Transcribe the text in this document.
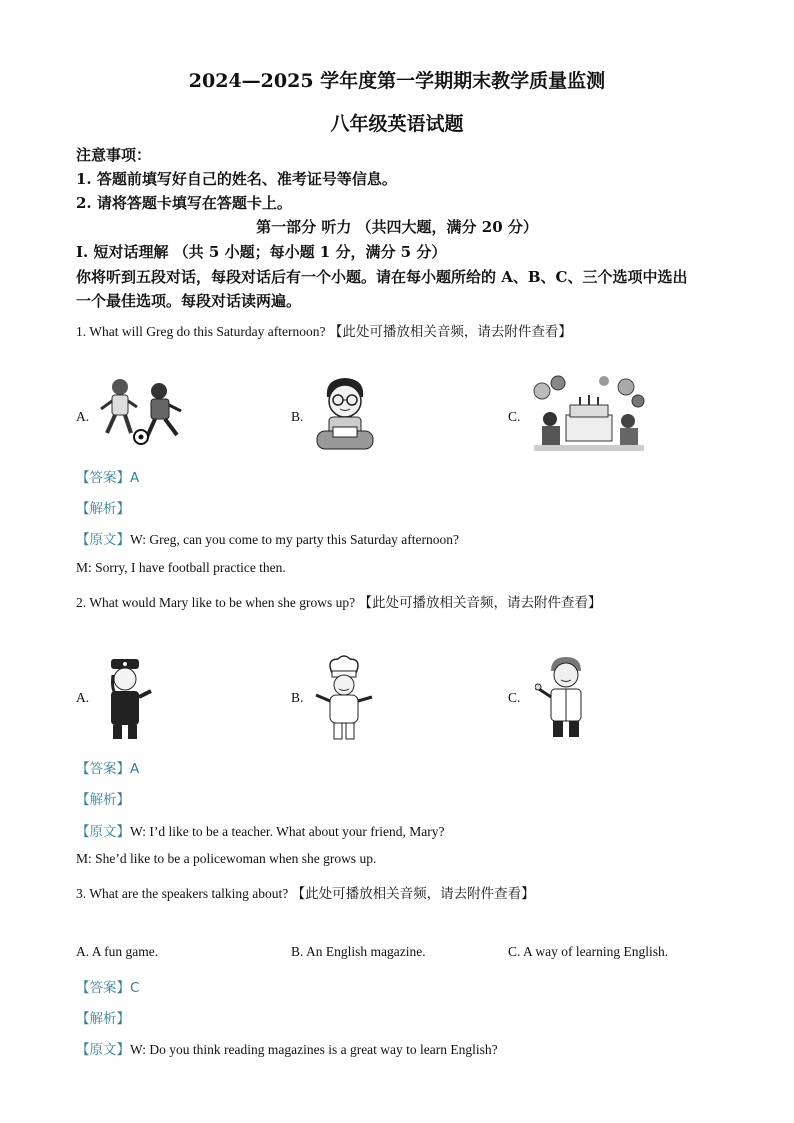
2024—2025 学年度第一学期期末教学质量监测
八年级英语试题
注意事项：
1. 答题前填写好自己的姓名、准考证号等信息。
2. 请将答题卡填写在答题卡上。
第一部分 听力 （共四大题，满分 20 分）
Ⅰ. 短对话理解 （共 5 小题；每小题 1 分，满分 5 分）
你将听到五段对话，每段对话后有一个小题。请在每小题所给的 A、B、C、三个选项中选出
一个最佳选项。每段对话读两遍。
1. What will Greg do this Saturday afternoon? 【此处可播放相关音频，请去附件查看】
A.	B.	C.
【答案】A
【解析】
【原文】W: Greg, can you come to my party this Saturday afternoon?
M: Sorry, I have football practice then.
2. What would Mary like to be when she grows up? 【此处可播放相关音频，请去附件查看】
A.	B.	C.
【答案】A
【解析】
【原文】W: I’d like to be a teacher. What about your friend, Mary?
M: She’d like to be a policewoman when she grows up.
3. What are the speakers talking about? 【此处可播放相关音频，请去附件查看】
A. A fun game.	B. An English magazine.	C. A way of learning English.
【答案】C
【解析】
【原文】W: Do you think reading magazines is a great way to learn English?
